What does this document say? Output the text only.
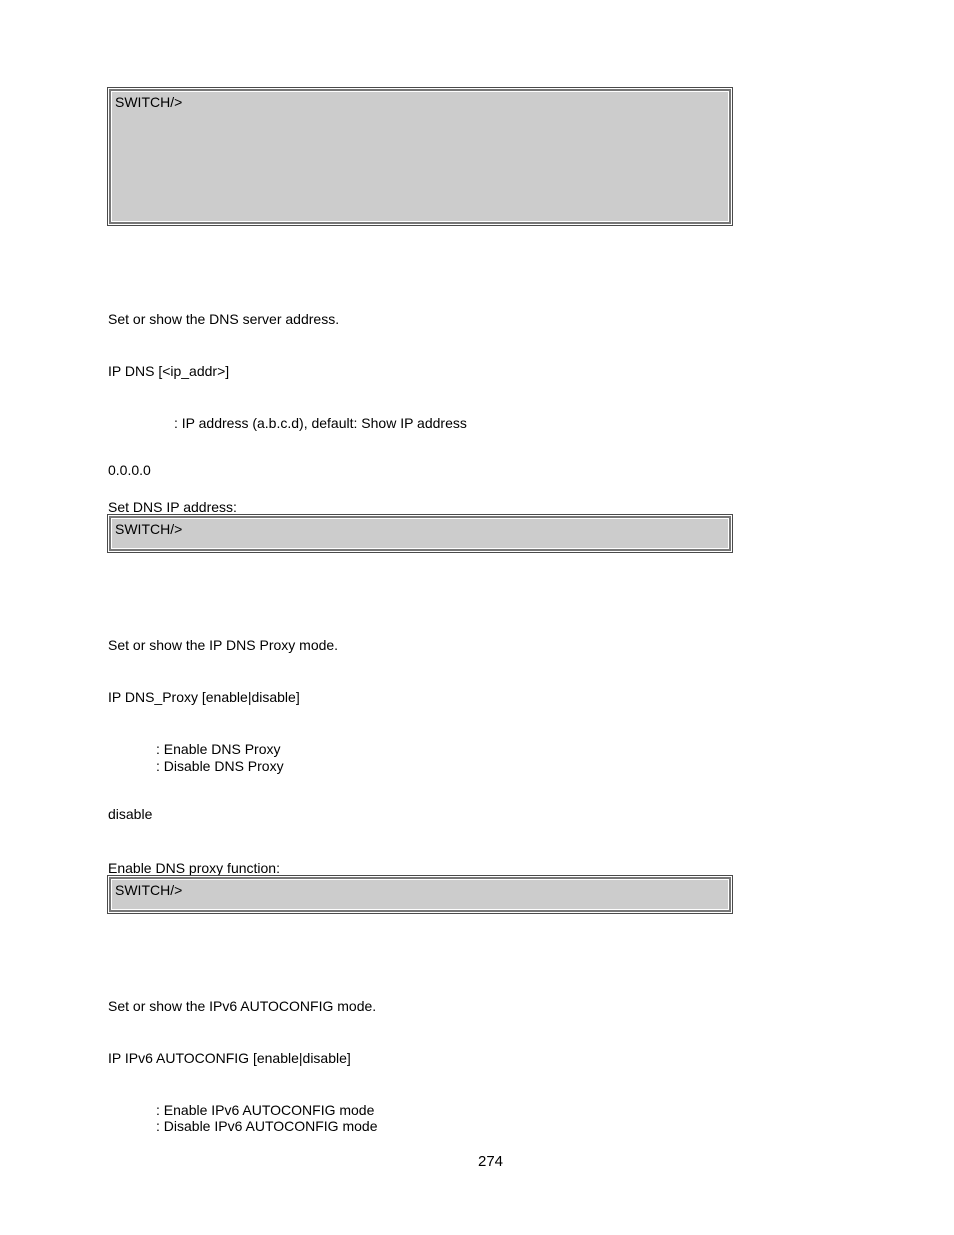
SWITCH/>
Set or show the DNS server address.
IP DNS [<ip_addr>]
: IP address (a.b.c.d), default: Show IP address
0.0.0.0
Set DNS IP address:
SWITCH/>
Set or show the IP DNS Proxy mode.
IP DNS_Proxy [enable|disable]
: Enable DNS Proxy
: Disable DNS Proxy
disable
Enable DNS proxy function:
SWITCH/>
Set or show the IPv6 AUTOCONFIG mode.
IP IPv6 AUTOCONFIG [enable|disable]
: Enable IPv6 AUTOCONFIG mode
: Disable IPv6 AUTOCONFIG mode
274
